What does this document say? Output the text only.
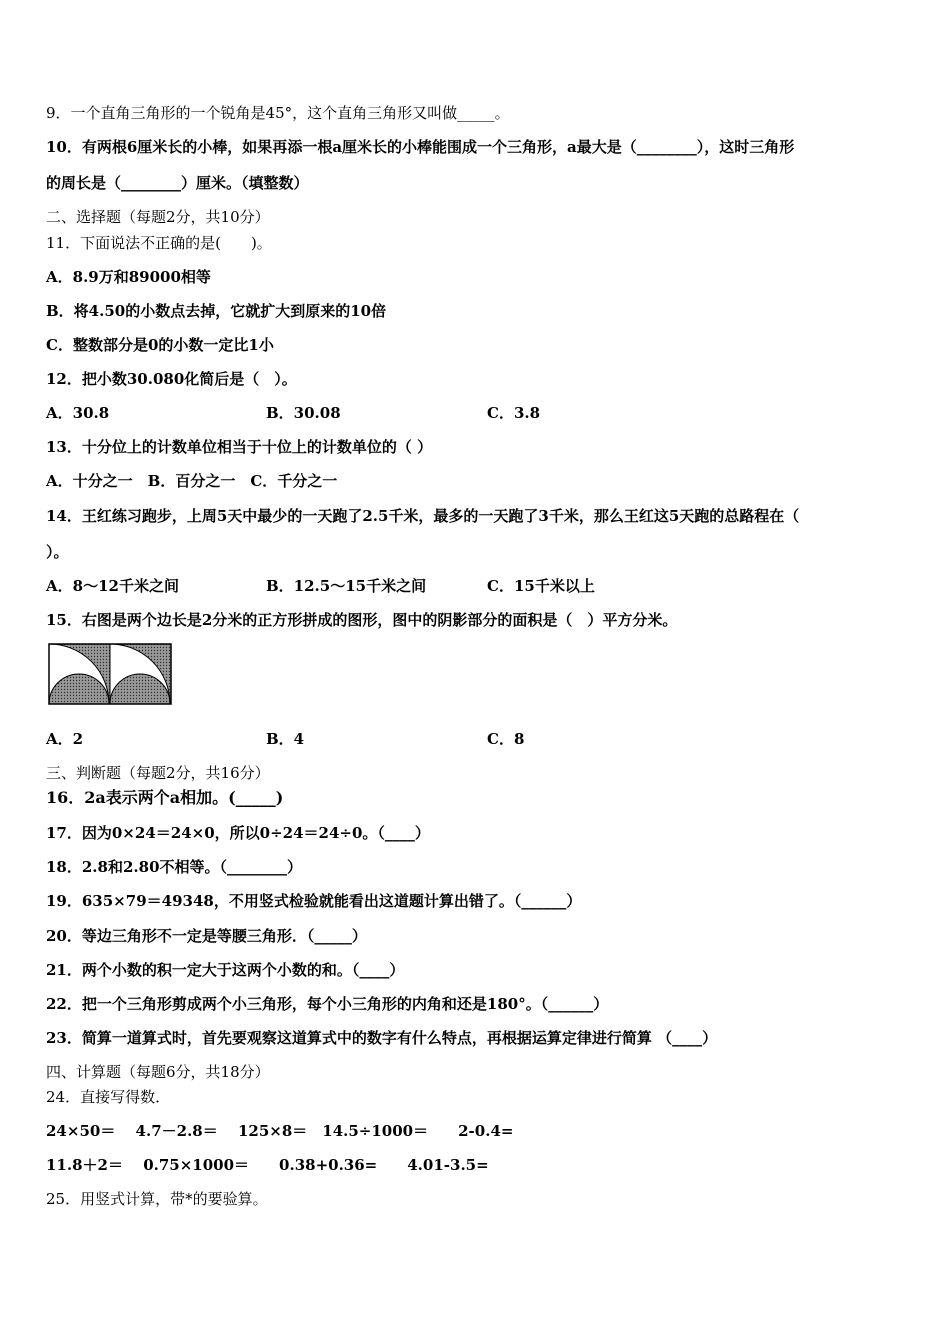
9．一个直角三角形的一个锐角是45°，这个直角三角形又叫做_____。
10．有两根6厘米长的小棒，如果再添一根a厘米长的小棒能围成一个三角形，a最大是（________），这时三角形
的周长是（________）厘米。（填整数）
二、选择题（每题2分，共10分）
11．下面说法不正确的是(　　)。
A．8.9万和89000相等
B．将4.50的小数点去掉，它就扩大到原来的10倍
C．整数部分是0的小数一定比1小
12．把小数30.080化简后是（　）。
A．30.8	B．30.08	C．3.8
13．十分位上的计数单位相当于十位上的计数单位的（ ）
A．十分之一　B．百分之一　C．千分之一
14．王红练习跑步，上周5天中最少的一天跑了2.5千米，最多的一天跑了3千米，那么王红这5天跑的总路程在（
）。
A．8～12千米之间	B．12.5～15千米之间	C．15千米以上
15．右图是两个边长是2分米的正方形拼成的图形，图中的阴影部分的面积是（　）平方分米。
A．2	B．4	C．8
三、判断题（每题2分，共16分）
16．2a表示两个a相加。(_____)
17．因为0×24＝24×0，所以0÷24＝24÷0。（____）
18．2.8和2.80不相等。（________）
19．635×79＝49348，不用竖式检验就能看出这道题计算出错了。（______）
20．等边三角形不一定是等腰三角形．（_____）
21．两个小数的积一定大于这两个小数的和。（____）
22．把一个三角形剪成两个小三角形，每个小三角形的内角和还是180°。（______）
23．简算一道算式时，首先要观察这道算式中的数字有什么特点，再根据运算定律进行简算 （____）
四、计算题（每题6分，共18分）
24．直接写得数．
24×50＝　 4.7－2.8＝　 125×8＝　14.5÷1000＝　　2-0.4=
11.8＋2＝　 0.75×1000＝　　0.38+0.36=　　4.01-3.5=
25．用竖式计算，带*的要验算。
